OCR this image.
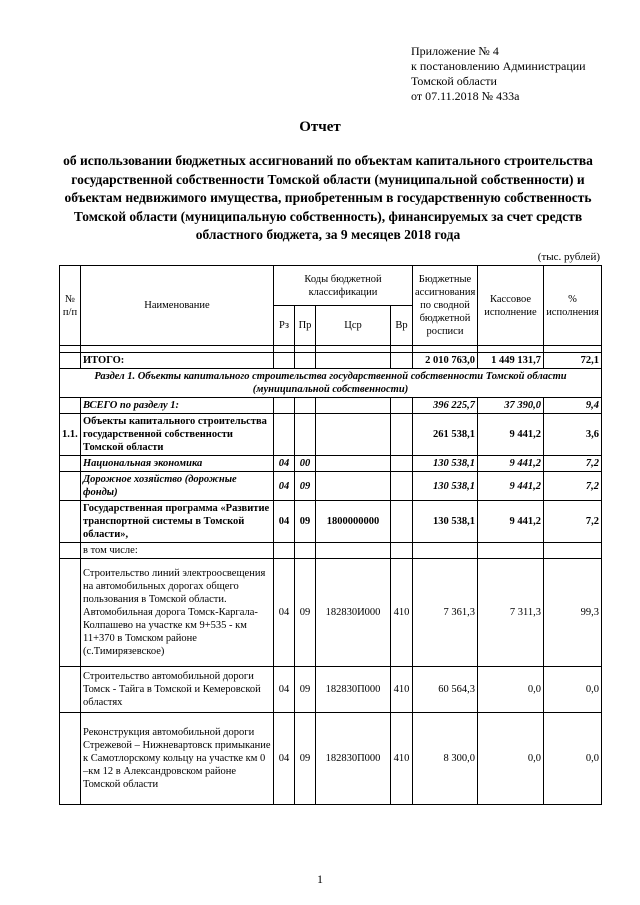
Приложение № 4
к постановлению Администрации
Томской области
от 07.11.2018 № 433а
Отчет
об использовании бюджетных ассигнований по объектам капитального строительства государственной собственности Томской области (муниципальной собственности) и объектам недвижимого имущества, приобретенным в государственную собственность Томской области (муниципальную собственность), финансируемых за счет средств областного бюджета, за 9 месяцев 2018 года
(тыс. рублей)
№ п/п	Наименование	Коды бюджетной классификации				Бюджетные ассигнования по сводной бюджетной росписи	Кассовое исполнение	% исполнения
		Рз	Пр	Цср	Вр			

	ИТОГО:					2 010 763,0	1 449 131,7	72,1
Раздел 1. Объекты капитального строительства государственной собственности Томской области (муниципальной собственности)								
	ВСЕГО по разделу 1:					396 225,7	37 390,0	9,4
1.1.	Объекты капитального строительства государственной собственности Томской области					261 538,1	9 441,2	3,6
	Национальная экономика	04	00			130 538,1	9 441,2	7,2
	Дорожное хозяйство (дорожные фонды)	04	09			130 538,1	9 441,2	7,2
	Государственная программа «Развитие транспортной системы в Томской области»,	04	09	1800000000		130 538,1	9 441,2	7,2
	в том числе:							
	Строительство линий электроосвещения на автомобильных дорогах общего пользования в Томской области. Автомобильная дорога Томск-Каргала-Колпашево на участке км 9+535 - км 11+370 в Томском районе (с.Тимирязевское)	04	09	182830И000	410	7 361,3	7 311,3	99,3
	Строительство автомобильной дороги Томск - Тайга в Томской и Кемеровской областях	04	09	182830П000	410	60 564,3	0,0	0,0
	Реконструкция автомобильной дороги Стрежевой – Нижневартовск примыкание к Самотлорскому кольцу на участке км 0 –км 12 в Александровском районе Томской области	04	09	182830П000	410	8 300,0	0,0	0,0
1
